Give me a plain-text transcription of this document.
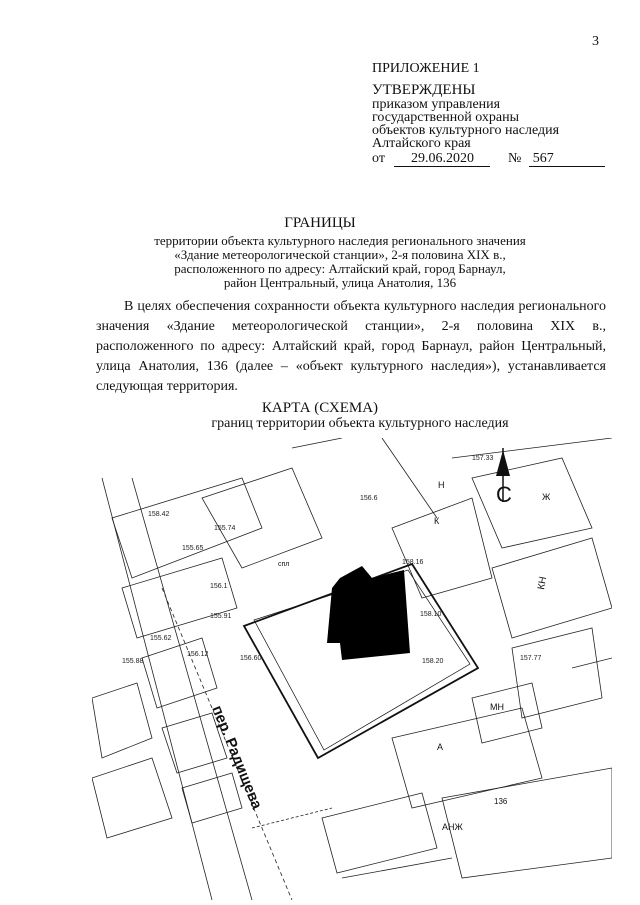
3
ПРИЛОЖЕНИЕ 1
УТВЕРЖДЕНЫ
приказом управления
государственной охраны
объектов культурного наследия
Алтайского края
от 29.06.2020 № 567
ГРАНИЦЫ
территории объекта культурного наследия регионального значения
«Здание метеорологической станции», 2-я половина XIX в.,
расположенного по адресу: Алтайский край, город Барнаул,
район Центральный, улица Анатолия, 136

В целях обеспечения сохранности объекта культурного наследия регионального значения «Здание метеорологической станции», 2-я половина XIX в., расположенного по адресу: Алтайский край, город Барнаул, район Центральный, улица Анатолия, 136 (далее – «объект культурного наследия»), устанавливается следующая территория.

КАРТА (СХЕМА)
границ территории объекта культурного наследия
С
пер. Радищева
158.16
158.10
158.20
156.6
156.1
155.91
155.88
156.12
155.62
156.60	157.77
155.74
155.65
158.42
157.33
Ж
КН
МН
А
АНЖ
136
К
Н
спл
